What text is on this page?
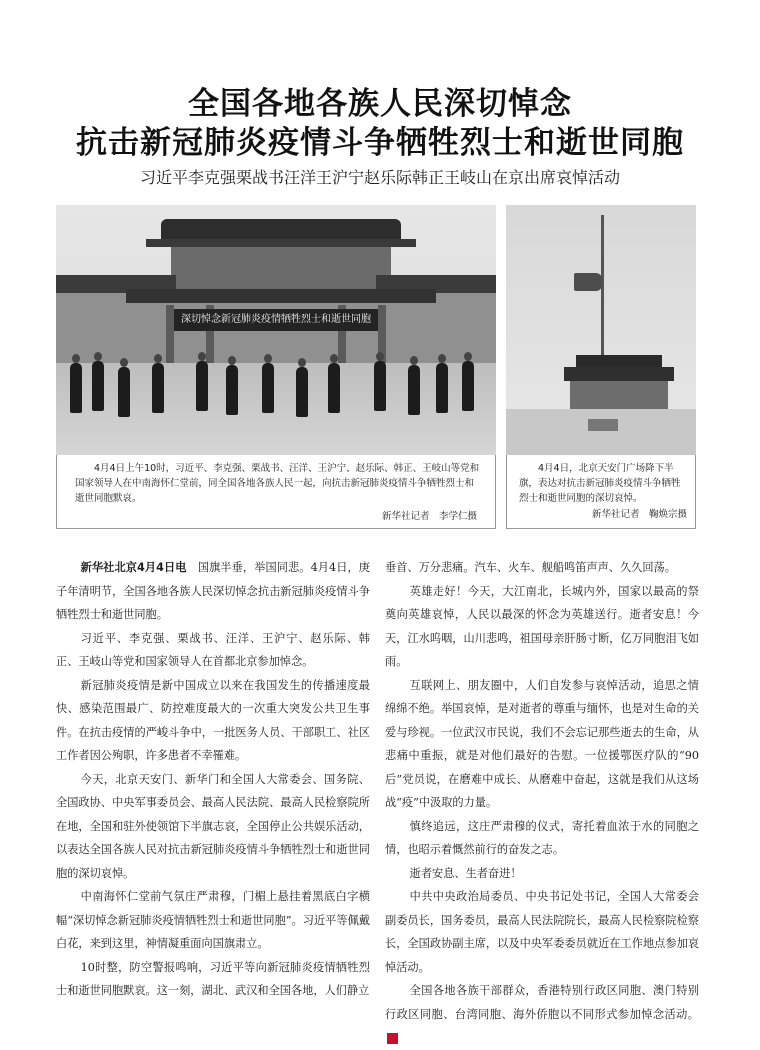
全国各地各族人民深切悼念
抗击新冠肺炎疫情斗争牺牲烈士和逝世同胞
习近平李克强栗战书汪洋王沪宁赵乐际韩正王岐山在京出席哀悼活动
深切悼念新冠肺炎疫情牺牲烈士和逝世同胞
4月4日上午10时，习近平、李克强、栗战书、汪洋、王沪宁、赵乐际、韩正、王岐山等党和国家领导人在中南海怀仁堂前，同全国各地各族人民一起，向抗击新冠肺炎疫情斗争牺牲烈士和逝世同胞默哀。
新华社记者　李学仁摄
4月4日，北京天安门广场降下半旗，表达对抗击新冠肺炎疫情斗争牺牲烈士和逝世同胞的深切哀悼。
新华社记者　鞠焕宗摄

新华社北京4月4日电　 国旗半垂，举国同悲。4月4日，庚子年清明节，全国各地各族人民深切悼念抗击新冠肺炎疫情斗争牺牲烈士和逝世同胞。

习近平、李克强、栗战书、汪洋、王沪宁、赵乐际、韩正、王岐山等党和国家领导人在首都北京参加悼念。

新冠肺炎疫情是新中国成立以来在我国发生的传播速度最快、感染范围最广、防控难度最大的一次重大突发公共卫生事件。在抗击疫情的严峻斗争中，一批医务人员、干部职工、社区工作者因公殉职，许多患者不幸罹难。

今天，北京天安门、新华门和全国人大常委会、国务院、全国政协、中央军事委员会、最高人民法院、最高人民检察院所在地，全国和驻外使领馆下半旗志哀，全国停止公共娱乐活动，以表达全国各族人民对抗击新冠肺炎疫情斗争牺牲烈士和逝世同胞的深切哀悼。

中南海怀仁堂前气氛庄严肃穆，门楣上悬挂着黑底白字横幅“深切悼念新冠肺炎疫情牺牲烈士和逝世同胞”。习近平等佩戴白花，来到这里，神情凝重面向国旗肃立。

10时整，防空警报鸣响，习近平等向新冠肺炎疫情牺牲烈士和逝世同胞默哀。这一刻，湖北、武汉和全国各地，人们静立

垂首、万分悲痛。汽车、火车、舰船鸣笛声声、久久回荡。

英雄走好！今天，大江南北，长城内外，国家以最高的祭奠向英雄哀悼，人民以最深的怀念为英雄送行。逝者安息！今天，江水呜咽，山川悲鸣，祖国母亲肝肠寸断，亿万同胞泪飞如雨。

互联网上、朋友圈中，人们自发参与哀悼活动，追思之情绵绵不绝。举国哀悼，是对逝者的尊重与缅怀，也是对生命的关爱与珍视。一位武汉市民说，我们不会忘记那些逝去的生命，从悲痛中重振，就是对他们最好的告慰。一位援鄂医疗队的“90后”党员说，在磨难中成长、从磨难中奋起，这就是我们从这场战“疫”中汲取的力量。

慎终追远，这庄严肃穆的仪式，寄托着血浓于水的同胞之情，也昭示着慨然前行的奋发之志。

逝者安息、生者奋进！

中共中央政治局委员、中央书记处书记，全国人大常委会副委员长，国务委员，最高人民法院院长，最高人民检察院检察长，全国政协副主席，以及中央军委委员就近在工作地点参加哀悼活动。

全国各地各族干部群众，香港特别行政区同胞、澳门特别行政区同胞、台湾同胞、海外侨胞以不同形式参加悼念活动。G
